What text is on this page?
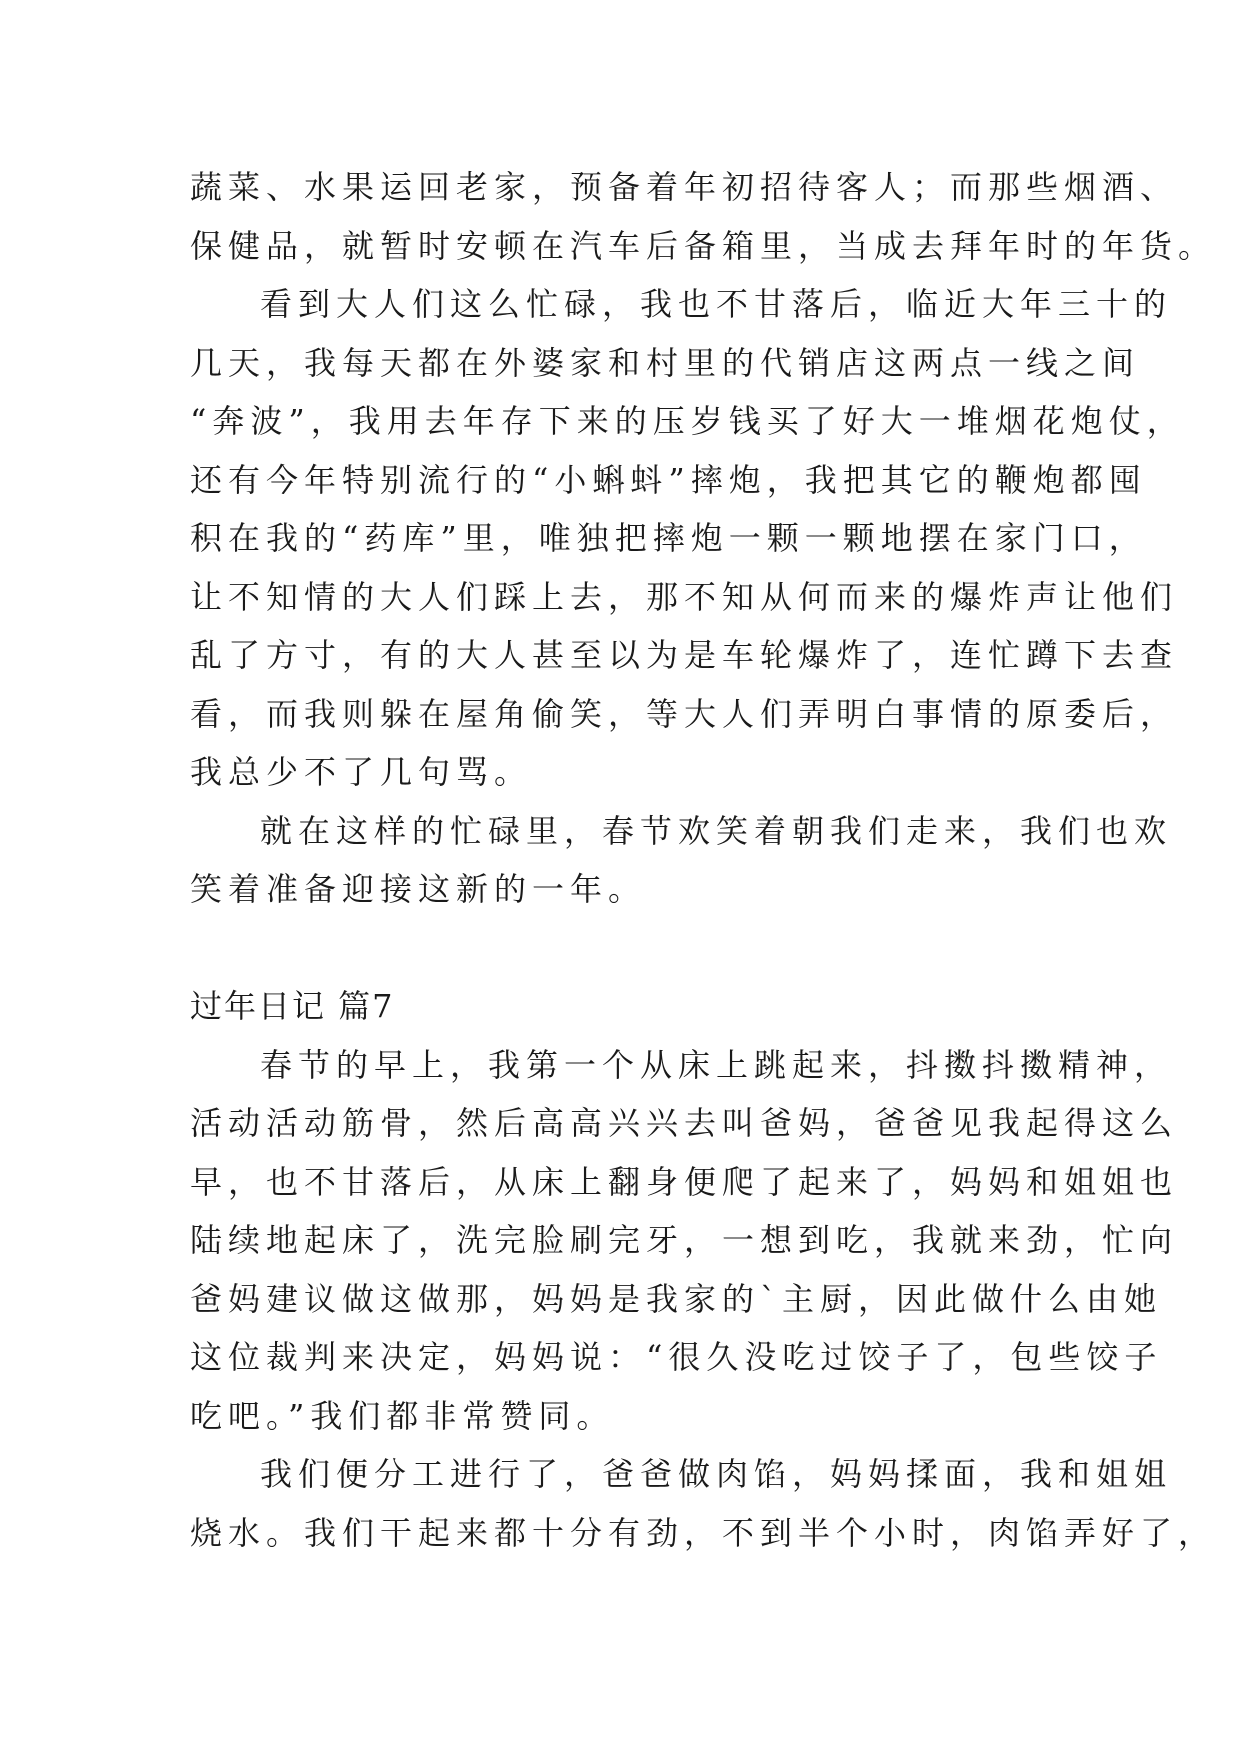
蔬菜、水果运回老家，预备着年初招待客人；而那些烟酒、
保健品，就暂时安顿在汽车后备箱里，当成去拜年时的年货。
看到大人们这么忙碌，我也不甘落后，临近大年三十的
几天，我每天都在外婆家和村里的代销店这两点一线之间
“奔波”，我用去年存下来的压岁钱买了好大一堆烟花炮仗，
还有今年特别流行的“小蝌蚪”摔炮，我把其它的鞭炮都囤
积在我的“药库”里，唯独把摔炮一颗一颗地摆在家门口，
让不知情的大人们踩上去，那不知从何而来的爆炸声让他们
乱了方寸，有的大人甚至以为是车轮爆炸了，连忙蹲下去查
看，而我则躲在屋角偷笑，等大人们弄明白事情的原委后，
我总少不了几句骂。
就在这样的忙碌里，春节欢笑着朝我们走来，我们也欢
笑着准备迎接这新的一年。
过年日记 篇7
春节的早上，我第一个从床上跳起来，抖擞抖擞精神，
活动活动筋骨，然后高高兴兴去叫爸妈，爸爸见我起得这么
早，也不甘落后，从床上翻身便爬了起来了，妈妈和姐姐也
陆续地起床了，洗完脸刷完牙，一想到吃，我就来劲，忙向
爸妈建议做这做那，妈妈是我家的`主厨，因此做什么由她
这位裁判来决定，妈妈说：“很久没吃过饺子了，包些饺子
吃吧。”我们都非常赞同。
我们便分工进行了，爸爸做肉馅，妈妈揉面，我和姐姐
烧水。我们干起来都十分有劲，不到半个小时，肉馅弄好了，
